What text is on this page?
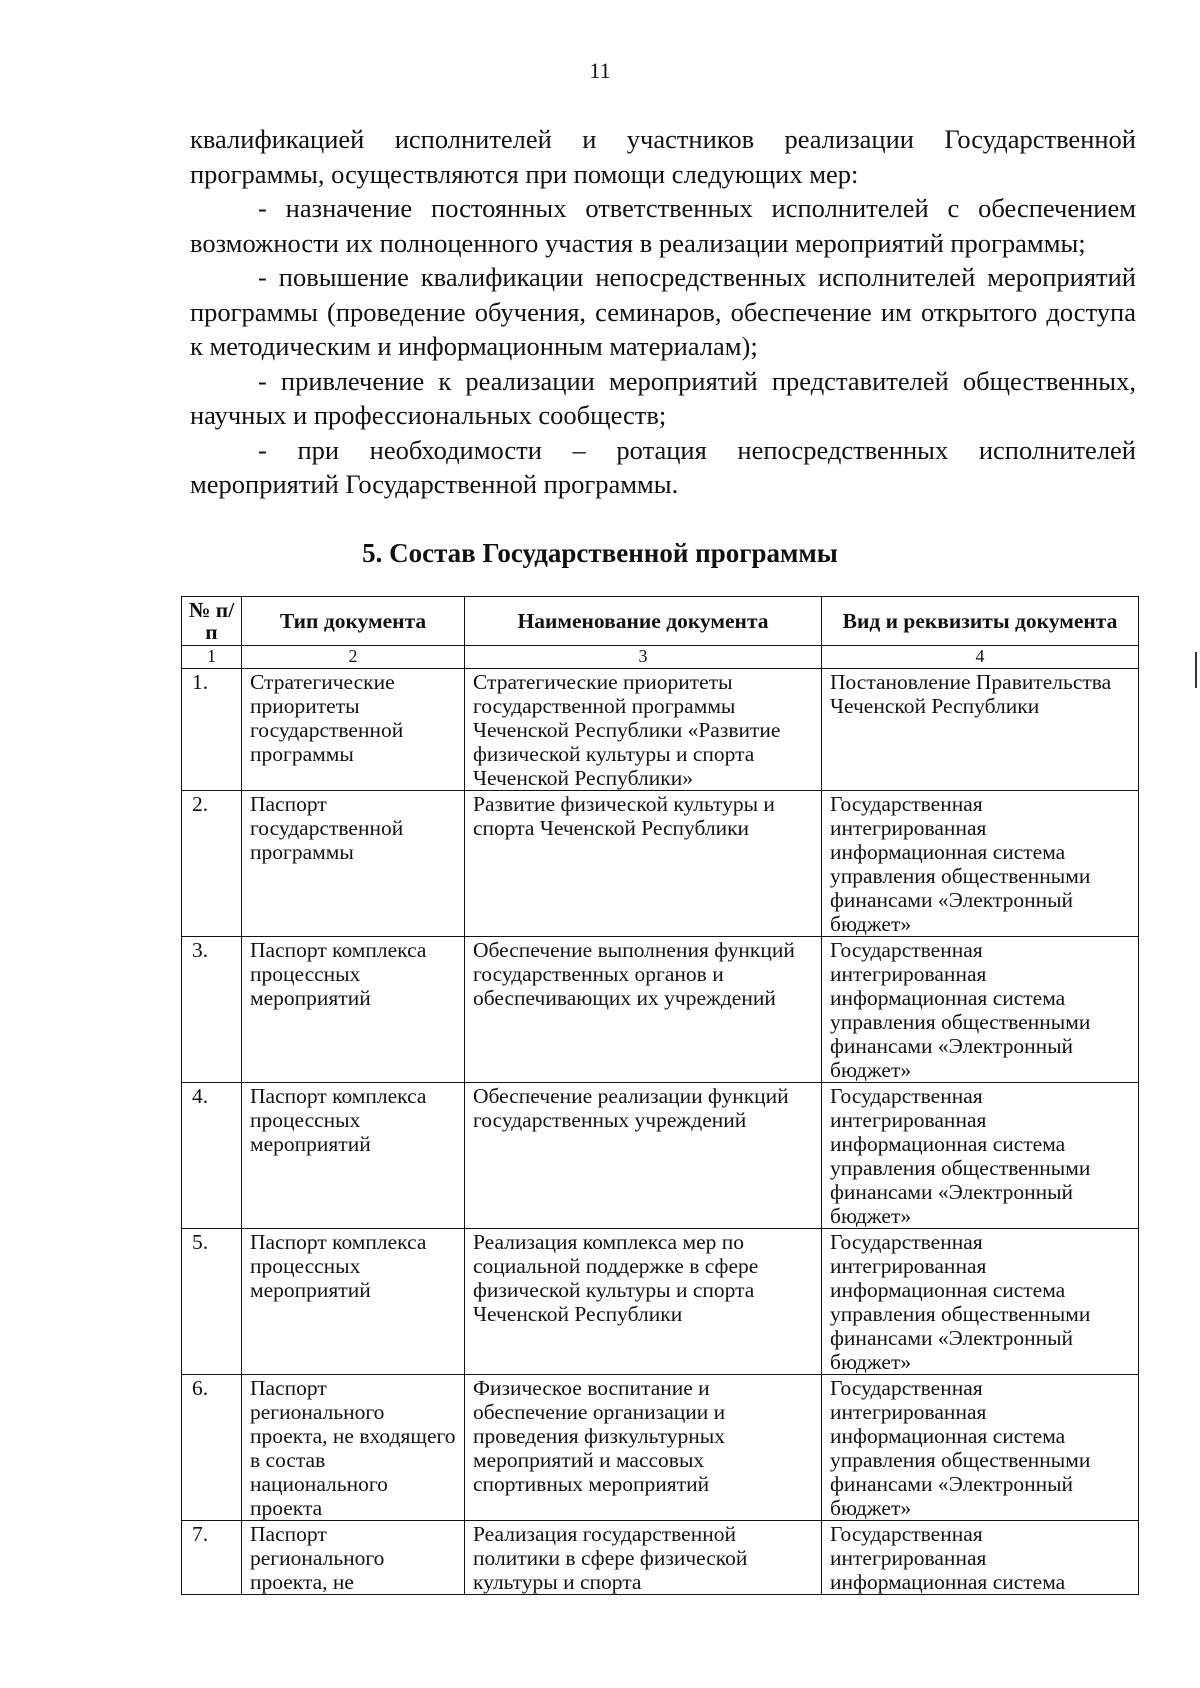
11

квалификацией исполнителей и участников реализации Государственной программы, осуществляются при помощи следующих мер:

- назначение постоянных ответственных исполнителей с обеспечением возможности их полноценного участия в реализации мероприятий программы;

- повышение квалификации непосредственных исполнителей мероприятий программы (проведение обучения, семинаров, обеспечение им открытого доступа к методическим и информационным материалам);

- привлечение к реализации мероприятий представителей общественных, научных и профессиональных сообществ;

- при необходимости – ротация непосредственных исполнителей мероприятий Государственной программы.

5. Состав Государственной программы
№ п/п	Тип документа	Наименование документа	Вид и реквизиты документа
1	2	3	4
1.	Стратегические приоритеты государственной программы	Стратегические приоритеты государственной программы Чеченской Республики «Развитие физической культуры и спорта Чеченской Республики»	Постановление Правительства Чеченской Республики
2.	Паспорт государственной программы	Развитие физической культуры и спорта Чеченской Республики	Государственная интегрированная информационная система управления общественными финансами «Электронный бюджет»
3.	Паспорт комплекса процессных мероприятий	Обеспечение выполнения функций государственных органов и обеспечивающих их учреждений	Государственная интегрированная информационная система управления общественными финансами «Электронный бюджет»
4.	Паспорт комплекса процессных мероприятий	Обеспечение реализации функций государственных учреждений	Государственная интегрированная информационная система управления общественными финансами «Электронный бюджет»
5.	Паспорт комплекса процессных мероприятий	Реализация комплекса мер по социальной поддержке в сфере физической культуры и спорта Чеченской Республики	Государственная интегрированная информационная система управления общественными финансами «Электронный бюджет»
6.	Паспорт регионального проекта, не входящего в состав национального проекта	Физическое воспитание и обеспечение организации и проведения физкультурных мероприятий и массовых спортивных мероприятий	Государственная интегрированная информационная система управления общественными финансами «Электронный бюджет»
7.	Паспорт регионального проекта, не	Реализация государственной политики в сфере физической культуры и спорта	Государственная интегрированная информационная система
